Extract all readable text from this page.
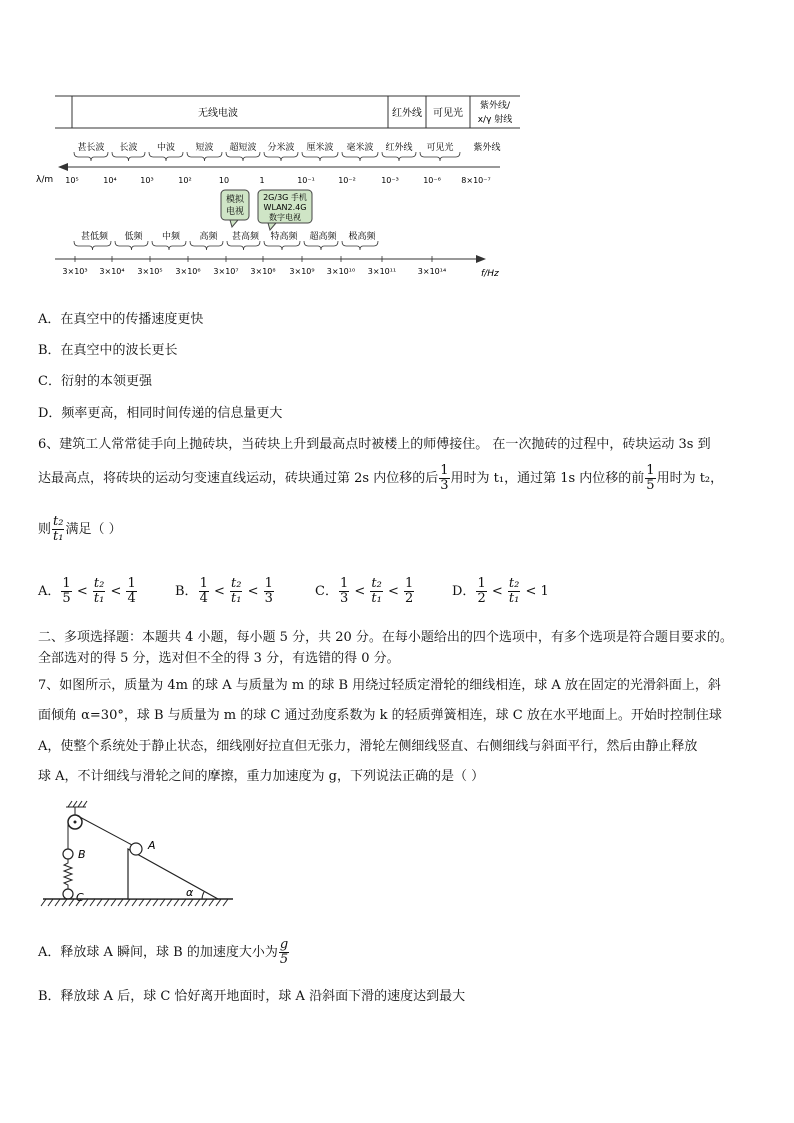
无线电波	红外线 可见光
紫外线/
x/γ 射线
甚长波 长波 中波 短波 超短波 分米波 厘米波 毫米波 红外线 可见光 紫外线
λ/m 10⁵	10⁴	10³	10²	10	1	10⁻¹	10⁻²	10⁻³	10⁻⁶	8×10⁻⁷
模拟
电视
2G/3G 手机
WLAN2.4G
数字电视
甚低频 低频 中频 高频 甚高频 特高频 超高频 极高频
f/Hz
3×10³ 3×10⁴ 3×10⁵ 3×10⁶ 3×10⁷ 3×10⁸ 3×10⁹ 3×10¹⁰ 3×10¹¹	3×10¹⁴
A．在真空中的传播速度更快
B．在真空中的波长更长
C．衍射的本领更强
D．频率更高，相同时间传递的信息量更大
6、建筑工人常常徒手向上抛砖块，当砖块上升到最高点时被楼上的师傅接住。 在一次抛砖的过程中，砖块运动 3s 到
达最高点，将砖块的运动匀变速直线运动，砖块通过第 2s 内位移的后 $\frac{1}{3}$ 用时为 t₁，通过第 1s 内位移的前 $\frac{1}{5}$ 用时为 t₂，
则 $\frac{\text{t₂}}{\text{t₁}}$ 满足（ ）
A． $\frac{1}{5} < \frac{\text{t₂}}{\text{t₁}} < \frac{1}{4}$	B． $\frac{1}{4} < \frac{\text{t₂}}{\text{t₁}} < \frac{1}{3}$	C． $\frac{1}{3} < \frac{\text{t₂}}{\text{t₁}} < \frac{1}{2}$	D． $\frac{1}{2} < \frac{\text{t₂}}{\text{t₁}} < 1$
二、多项选择题：本题共 4 小题，每小题 5 分，共 20 分。在每小题给出的四个选项中，有多个选项是符合题目要求的。
全部选对的得 5 分，选对但不全的得 3 分，有选错的得 0 分。
7、如图所示，质量为 4m 的球 A 与质量为 m 的球 B 用绕过轻质定滑轮的细线相连，球 A 放在固定的光滑斜面上，斜
面倾角 α=30°，球 B 与质量为 m 的球 C 通过劲度系数为 k 的轻质弹簧相连，球 C 放在水平地面上。开始时控制住球
A，使整个系统处于静止状态，细线刚好拉直但无张力，滑轮左侧细线竖直、右侧细线与斜面平行，然后由静止释放
球 A，不计细线与滑轮之间的摩擦，重力加速度为 g，下列说法正确的是（ ）
B
C
A
α
A．释放球 A 瞬间，球 B 的加速度大小为 $\frac{g}{5}$
B．释放球 A 后，球 C 恰好离开地面时，球 A 沿斜面下滑的速度达到最大
